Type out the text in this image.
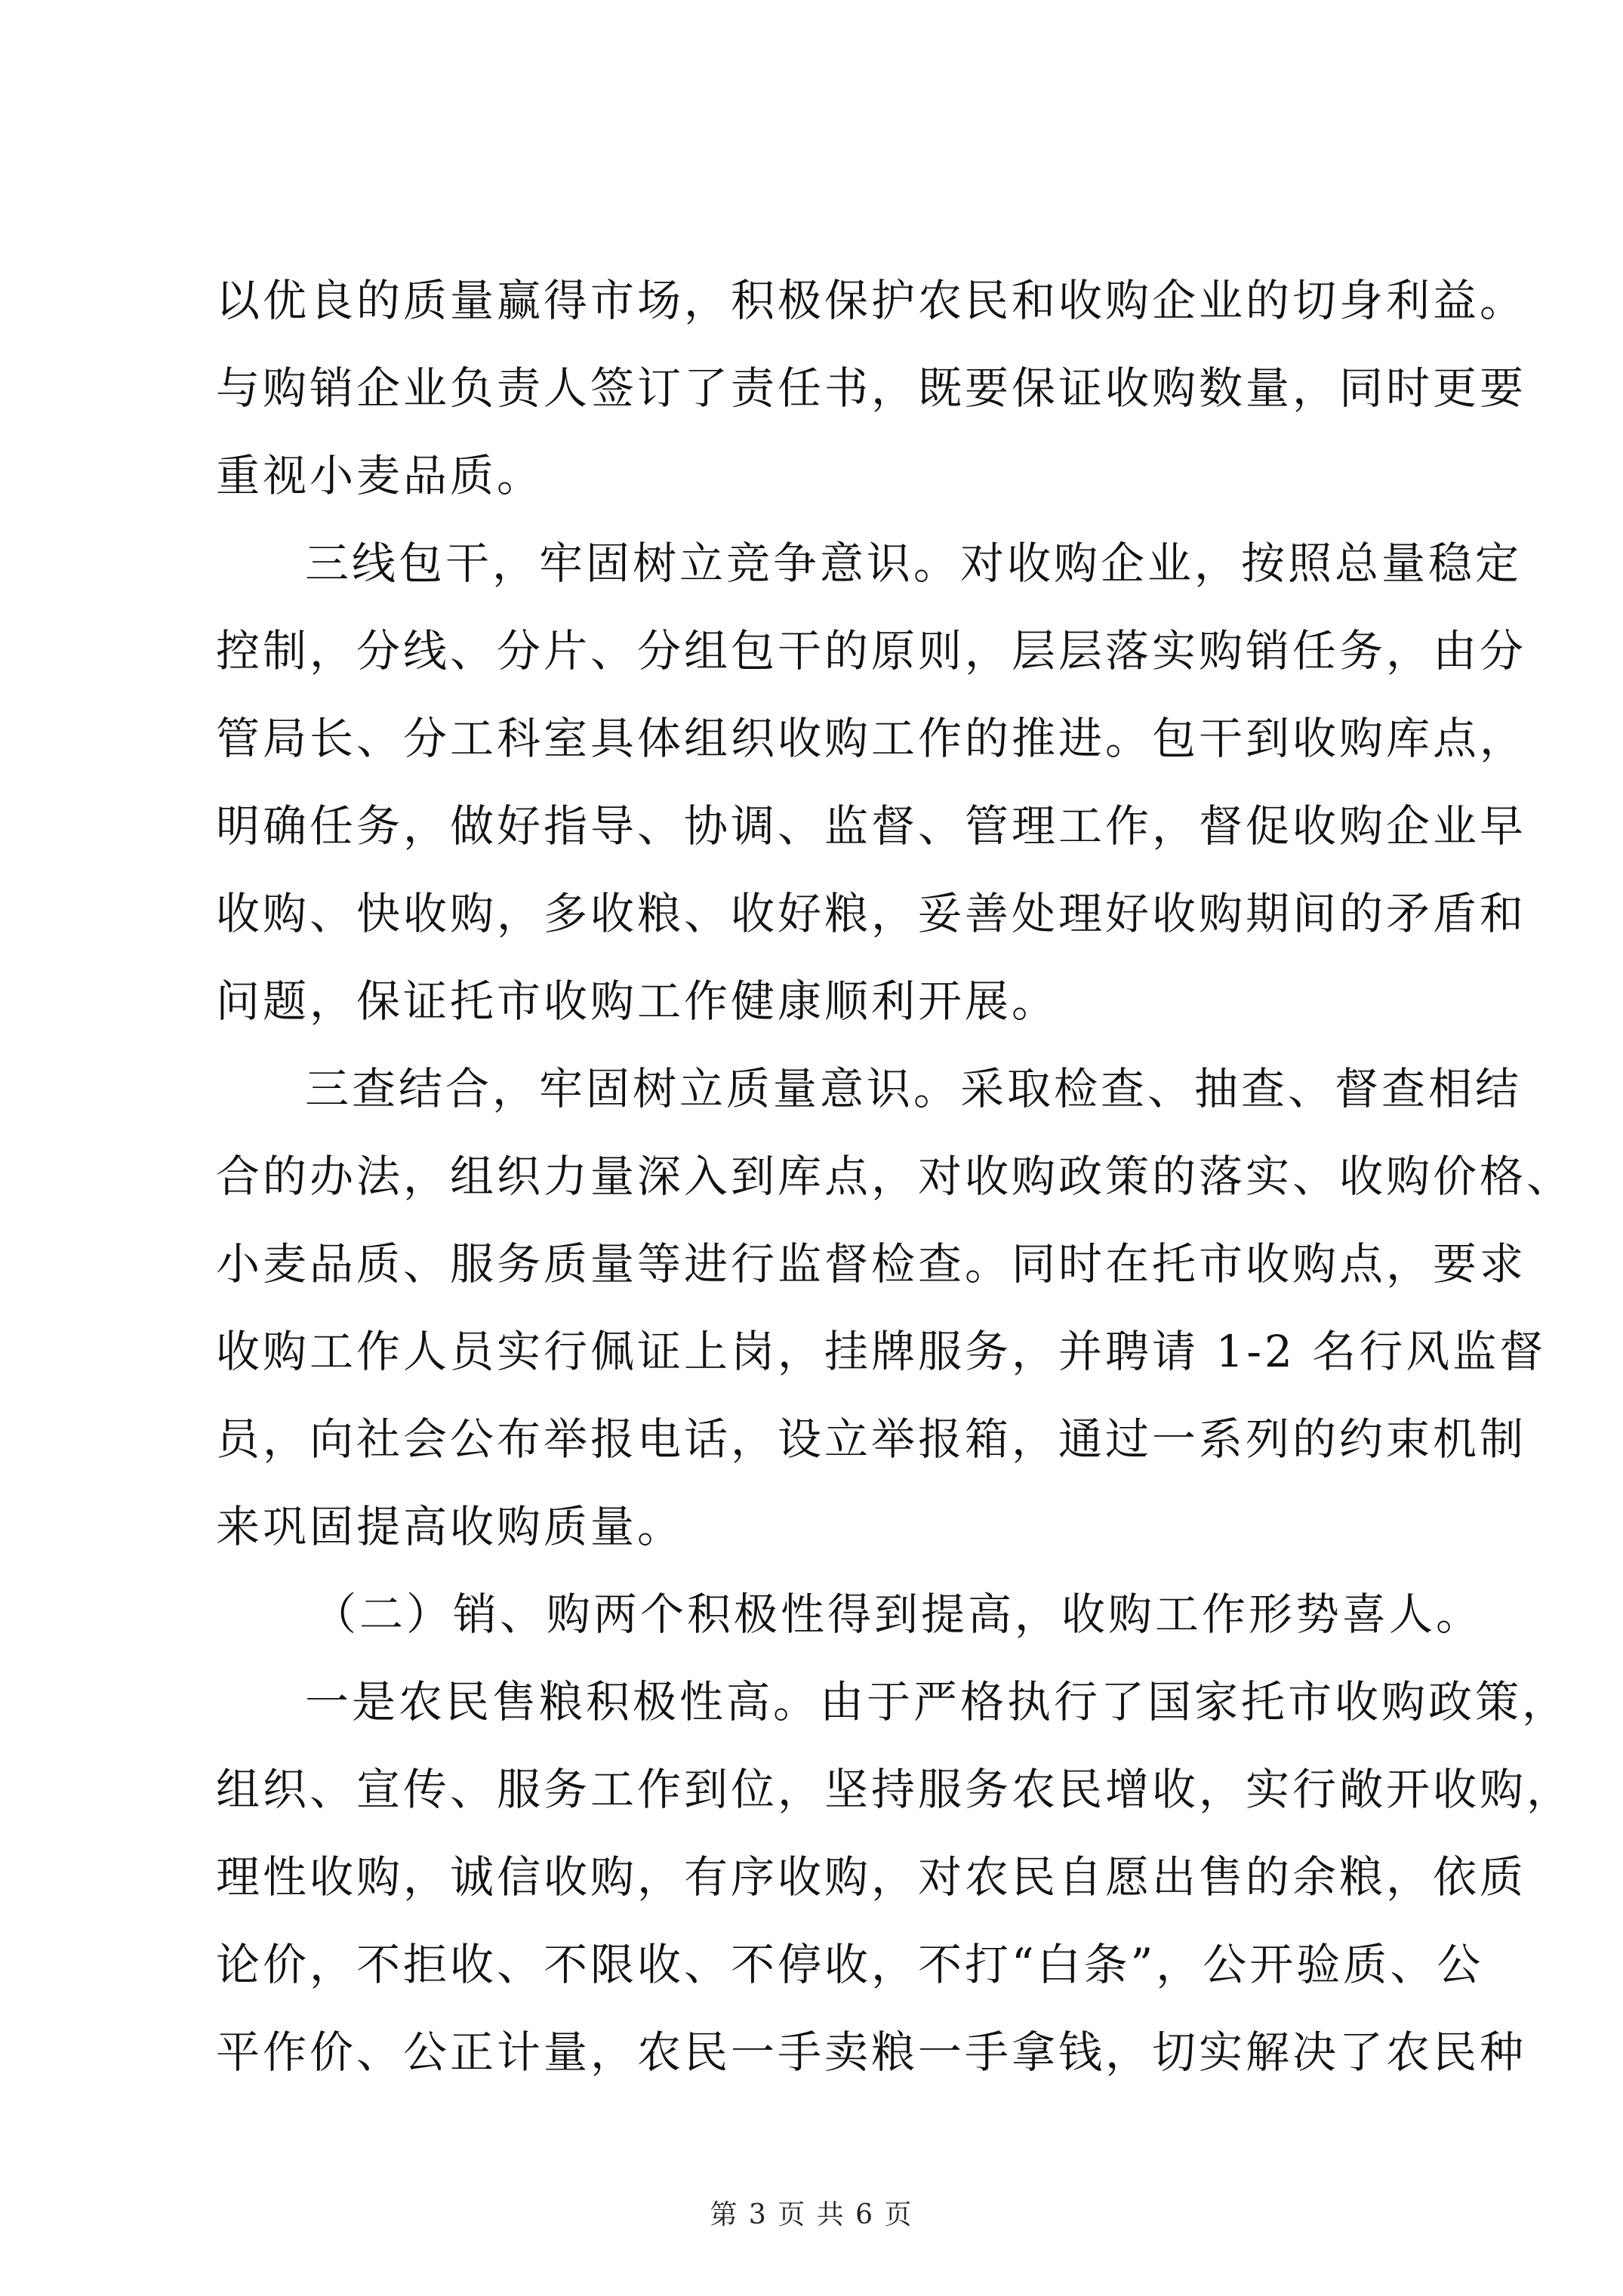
以优良的质量赢得市场，积极保护农民和收购企业的切身利益。
与购销企业负责人签订了责任书，既要保证收购数量，同时更要
重视小麦品质。
三线包干，牢固树立竞争意识。对收购企业，按照总量稳定
控制，分线、分片、分组包干的原则，层层落实购销任务，由分
管局长、分工科室具体组织收购工作的推进。包干到收购库点，
明确任务，做好指导、协调、监督、管理工作，督促收购企业早
收购、快收购，多收粮、收好粮，妥善处理好收购期间的矛盾和
问题，保证托市收购工作健康顺利开展。
三查结合，牢固树立质量意识。采取检查、抽查、督查相结
合的办法，组织力量深入到库点，对收购政策的落实、收购价格、
小麦品质、服务质量等进行监督检查。同时在托市收购点，要求
收购工作人员实行佩证上岗，挂牌服务，并聘请 1-2 名行风监督
员，向社会公布举报电话，设立举报箱，通过一系列的约束机制
来巩固提高收购质量。
（二）销、购两个积极性得到提高，收购工作形势喜人。
一是农民售粮积极性高。由于严格执行了国家托市收购政策，
组织、宣传、服务工作到位，坚持服务农民增收，实行敞开收购，
理性收购，诚信收购，有序收购，对农民自愿出售的余粮，依质
论价，不拒收、不限收、不停收，不打“白条”，公开验质、公
平作价、公正计量，农民一手卖粮一手拿钱，切实解决了农民种
第 3 页 共 6 页
